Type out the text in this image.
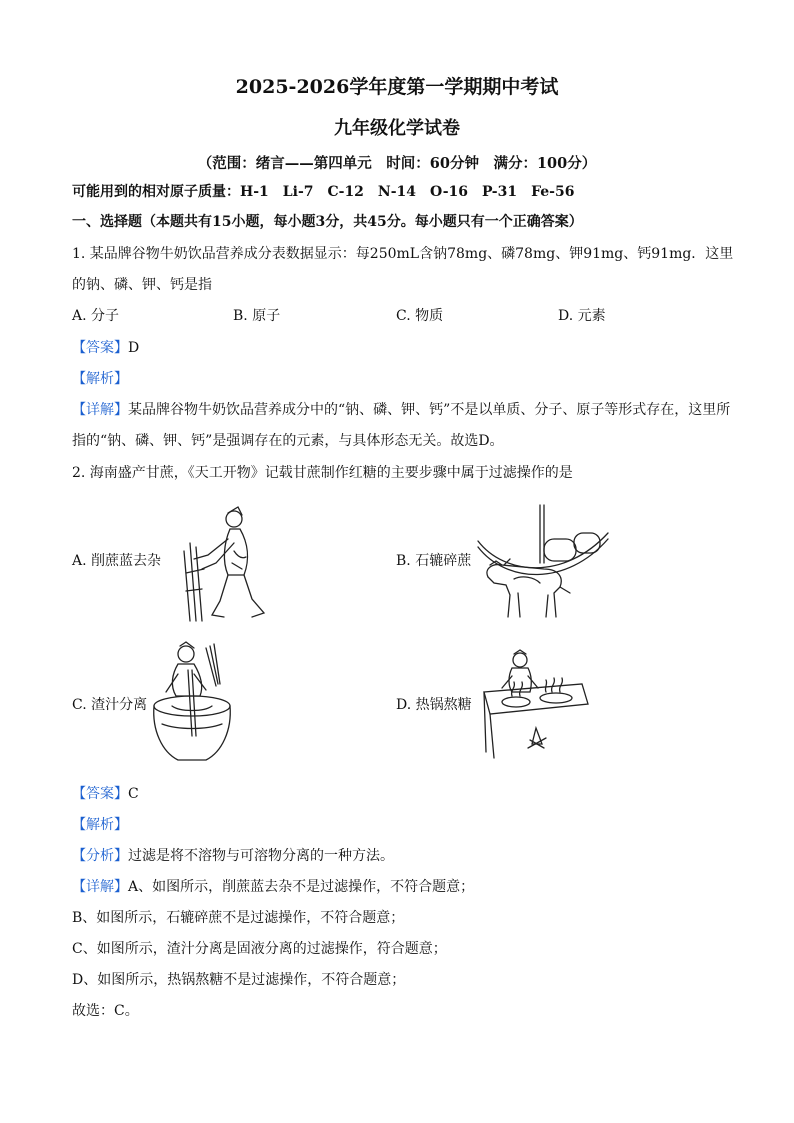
2025-2026学年度第一学期期中考试
九年级化学试卷
（范围：绪言——第四单元　时间：60分钟　满分：100分）
可能用到的相对原子质量：H-1　Li-7　C-12　N-14　O-16　P-31　Fe-56
一、选择题（本题共有15小题，每小题3分，共45分。每小题只有一个正确答案）
1. 某品牌谷物牛奶饮品营养成分表数据显示：每250mL含钠78mg、磷78mg、钾91mg、钙91mg．这里
的钠、磷、钾、钙是指
A. 分子	B. 原子	C. 物质	D. 元素
【答案】D
【解析】
【详解】某品牌谷物牛奶饮品营养成分中的“钠、磷、钾、钙”不是以单质、分子、原子等形式存在，这里所
指的“钠、磷、钾、钙”是强调存在的元素，与具体形态无关。故选D。
2. 海南盛产甘蔗，《天工开物》记载甘蔗制作红糖的主要步骤中属于过滤操作的是
A. 削蔗蓝去杂	B. 石辘碎蔗
C. 渣汁分离	D. 热锅熬糖
【答案】C
【解析】
【分析】过滤是将不溶物与可溶物分离的一种方法。
【详解】A、如图所示，削蔗蓝去杂不是过滤操作，不符合题意；
B、如图所示，石辘碎蔗不是过滤操作，不符合题意；
C、如图所示，渣汁分离是固液分离的过滤操作，符合题意；
D、如图所示，热锅熬糖不是过滤操作，不符合题意；
故选：C。
